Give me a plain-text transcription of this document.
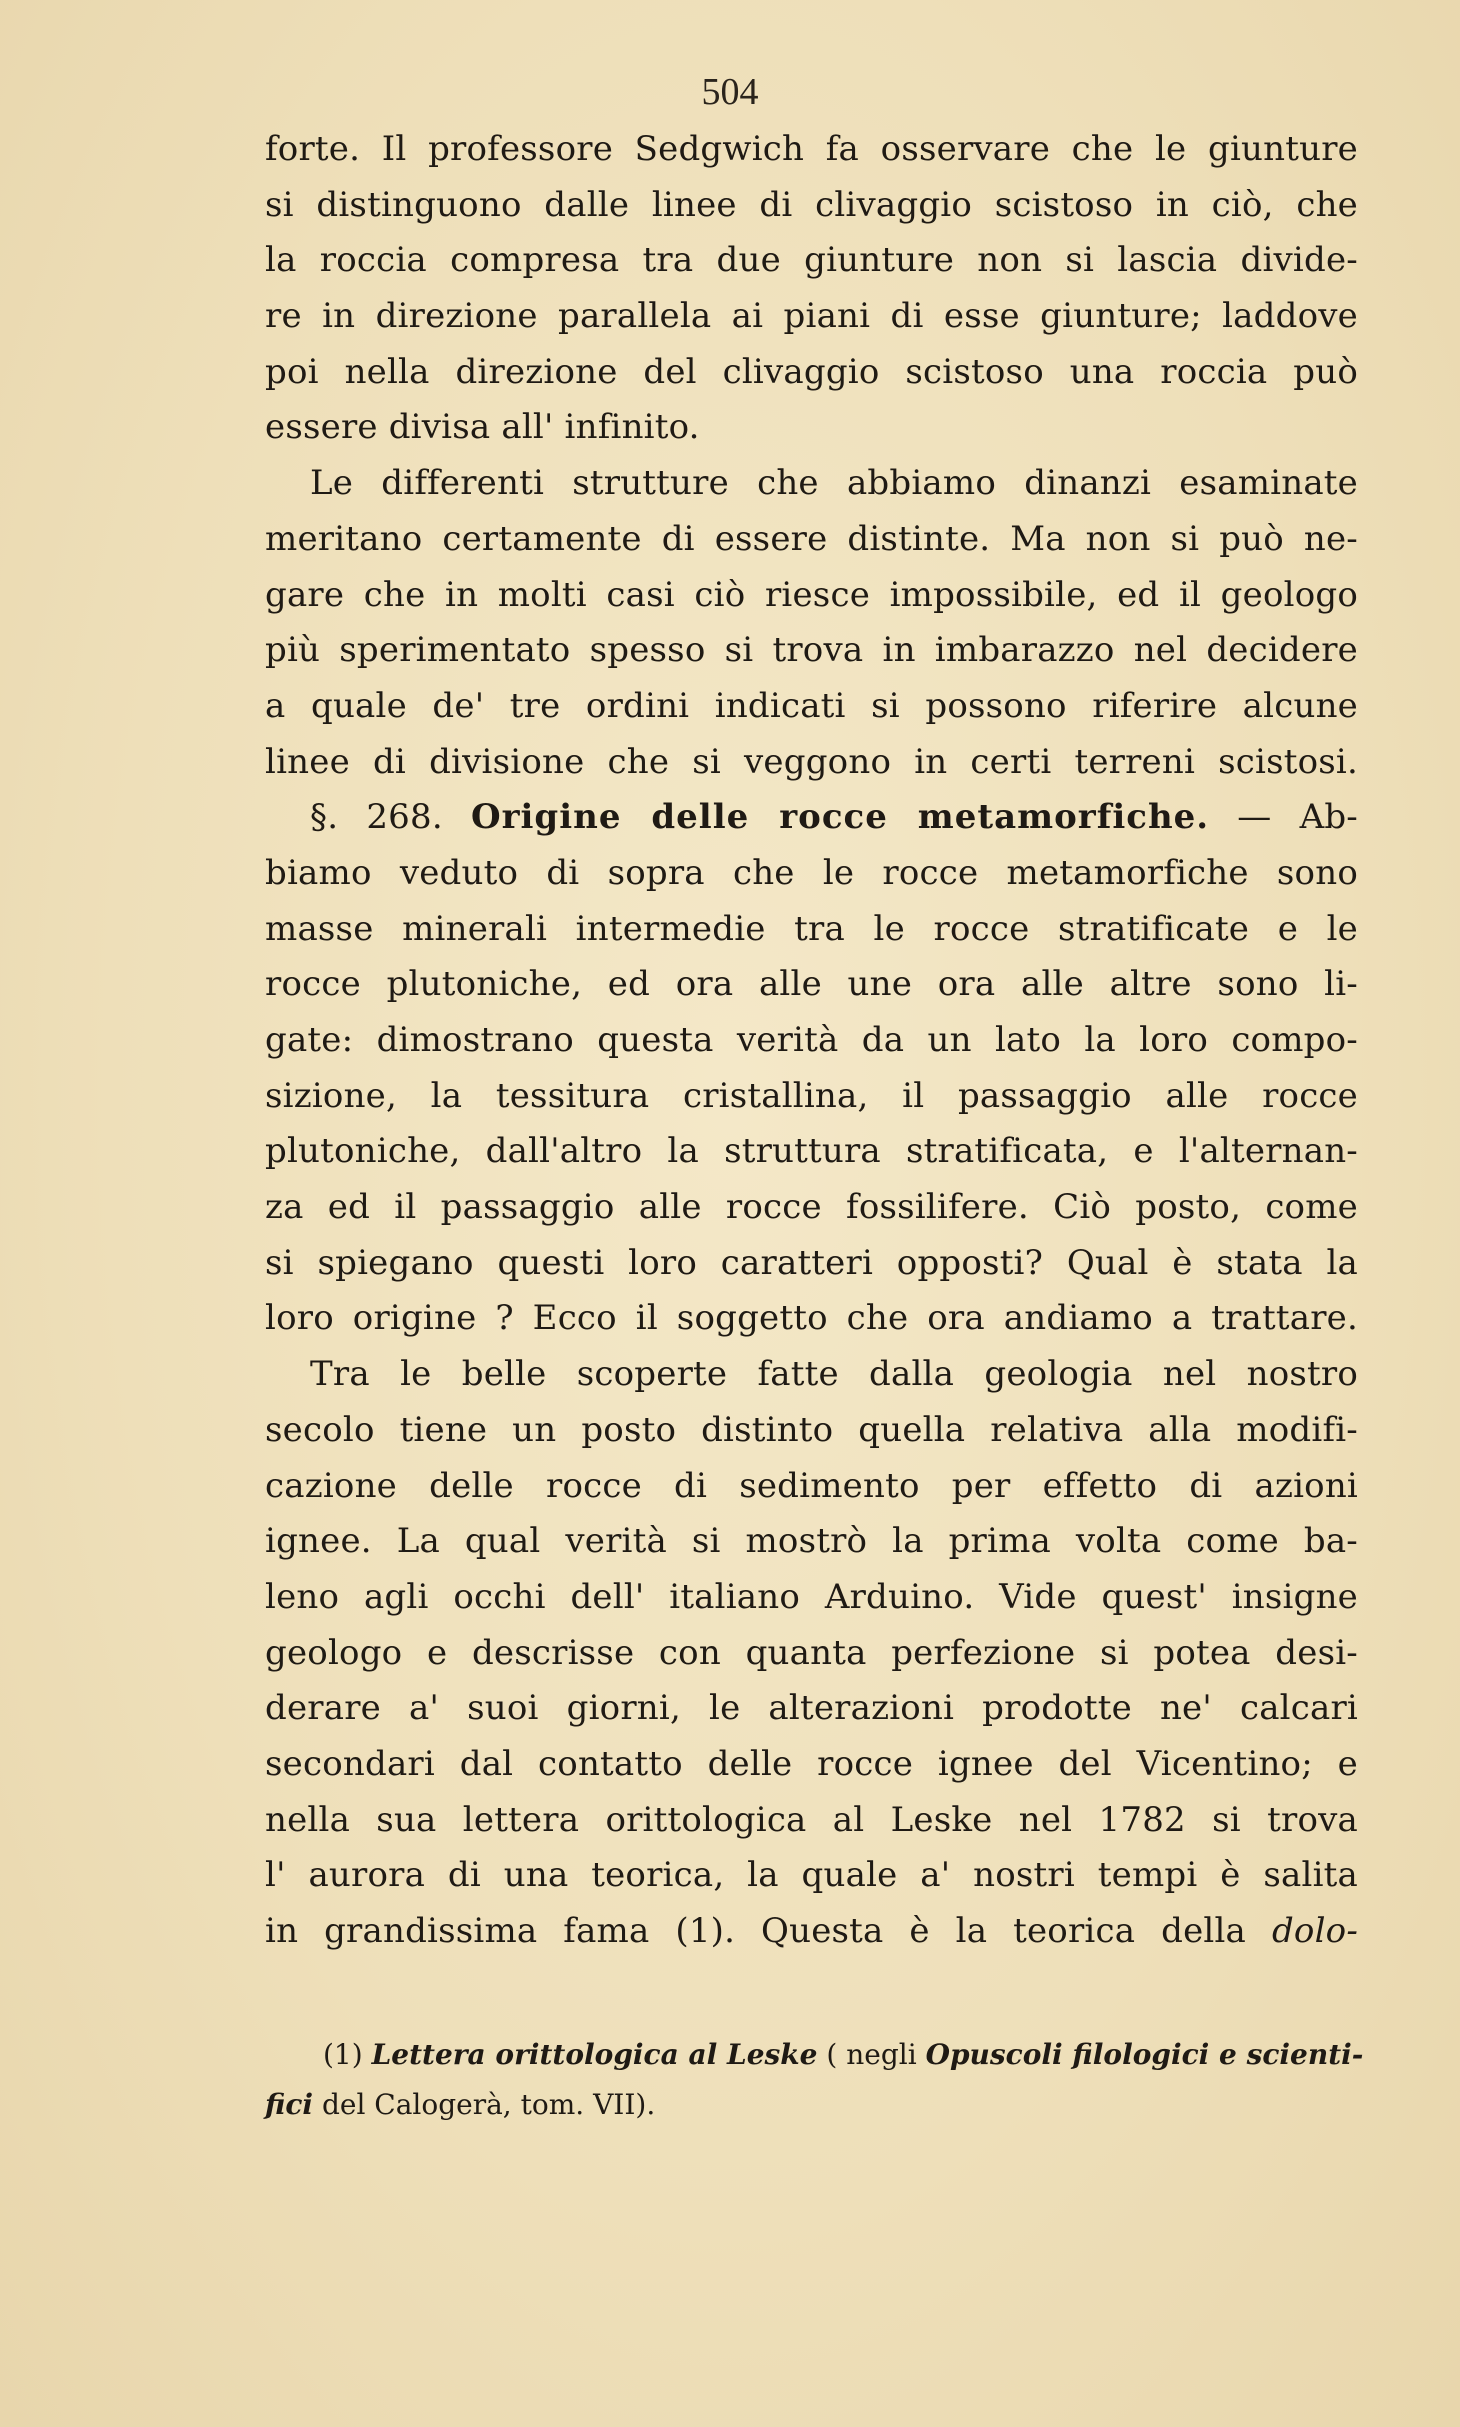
504
forte. Il professore Sedgwich fa osservare che le giunture
si distinguono dalle linee di clivaggio scistoso in ciò, che
la roccia compresa tra due giunture non si lascia divide-
re in direzione parallela ai piani di esse giunture; laddove
poi nella direzione del clivaggio scistoso una roccia può
essere divisa all' infinito.
Le differenti strutture che abbiamo dinanzi esaminate
meritano certamente di essere distinte. Ma non si può ne-
gare che in molti casi ciò riesce impossibile, ed il geologo
più sperimentato spesso si trova in imbarazzo nel decidere
a quale de' tre ordini indicati si possono riferire alcune
linee di divisione che si veggono in certi terreni scistosi.
§. 268. Origine delle rocce metamorfiche. — Ab-
biamo veduto di sopra che le rocce metamorfiche sono
masse minerali intermedie tra le rocce stratificate e le
rocce plutoniche, ed ora alle une ora alle altre sono li-
gate: dimostrano questa verità da un lato la loro compo-
sizione, la tessitura cristallina, il passaggio alle rocce
plutoniche, dall'altro la struttura stratificata, e l'alternan-
za ed il passaggio alle rocce fossilifere. Ciò posto, come
si spiegano questi loro caratteri opposti? Qual è stata la
loro origine ? Ecco il soggetto che ora andiamo a trattare.
Tra le belle scoperte fatte dalla geologia nel nostro
secolo tiene un posto distinto quella relativa alla modifi-
cazione delle rocce di sedimento per effetto di azioni
ignee. La qual verità si mostrò la prima volta come ba-
leno agli occhi dell' italiano Arduino. Vide quest' insigne
geologo e descrisse con quanta perfezione si potea desi-
derare a' suoi giorni, le alterazioni prodotte ne' calcari
secondari dal contatto delle rocce ignee del Vicentino; e
nella sua lettera orittologica al Leske nel 1782 si trova
l' aurora di una teorica, la quale a' nostri tempi è salita
in grandissima fama (1). Questa è la teorica della dolo-
(1) Lettera orittologica al Leske ( negli Opuscoli filologici e scienti-
fici del Calogerà, tom. VII).
